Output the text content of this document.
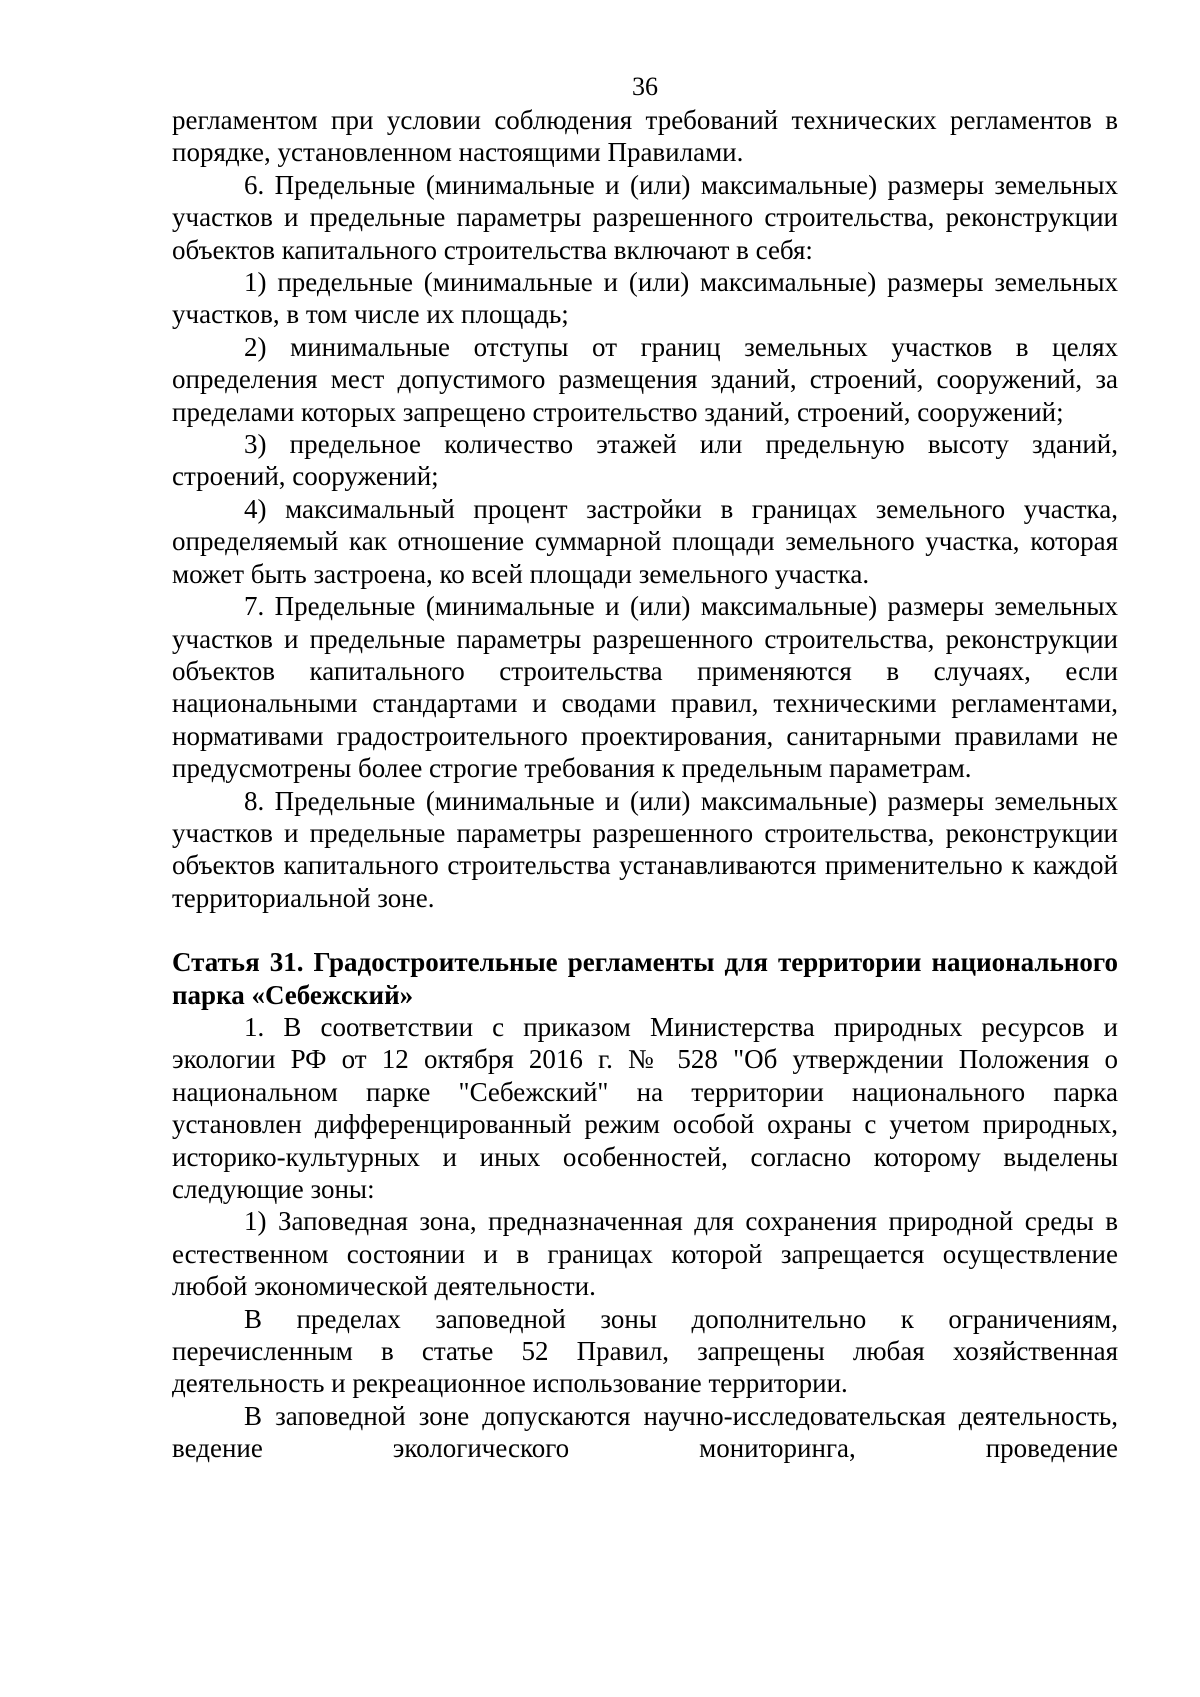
36

регламентом при условии соблюдения требований технических регламентов в порядке, установленном настоящими Правилами.

6. Предельные (минимальные и (или) максимальные) размеры земельных участков и предельные параметры разрешенного строительства, реконструкции объектов капитального строительства включают в себя:

1) предельные (минимальные и (или) максимальные) размеры земельных участков, в том числе их площадь;

2) минимальные отступы от границ земельных участков в целях определения мест допустимого размещения зданий, строений, сооружений, за пределами которых запрещено строительство зданий, строений, сооружений;

3) предельное количество этажей или предельную высоту зданий, строений, сооружений;

4) максимальный процент застройки в границах земельного участка, определяемый как отношение суммарной площади земельного участка, которая может быть застроена, ко всей площади земельного участка.

7. Предельные (минимальные и (или) максимальные) размеры земельных участков и предельные параметры разрешенного строительства, реконструкции объектов капитального строительства применяются в случаях, если национальными стандартами и сводами правил, техническими регламентами, нормативами градостроительного проектирования, санитарными правилами не предусмотрены более строгие требования к предельным параметрам.

8. Предельные (минимальные и (или) максимальные) размеры земельных участков и предельные параметры разрешенного строительства, реконструкции объектов капитального строительства устанавливаются применительно к каждой территориальной зоне.

Статья 31. Градостроительные регламенты для территории национального парка «Себежский»

1. В соответствии с приказом Министерства природных ресурсов и экологии РФ от 12 октября 2016 г. № 528 "Об утверждении Положения о национальном парке "Себежский" на территории национального парка установлен дифференцированный режим особой охраны с учетом природных, историко-культурных и иных особенностей, согласно которому выделены следующие зоны:

1) Заповедная зона, предназначенная для сохранения природной среды в естественном состоянии и в границах которой запрещается осуществление любой экономической деятельности.

В пределах заповедной зоны дополнительно к ограничениям, перечисленным в статье 52 Правил, запрещены любая хозяйственная деятельность и рекреационное использование территории.

В заповедной зоне допускаются научно-исследовательская деятельность, ведение экологического мониторинга, проведение
